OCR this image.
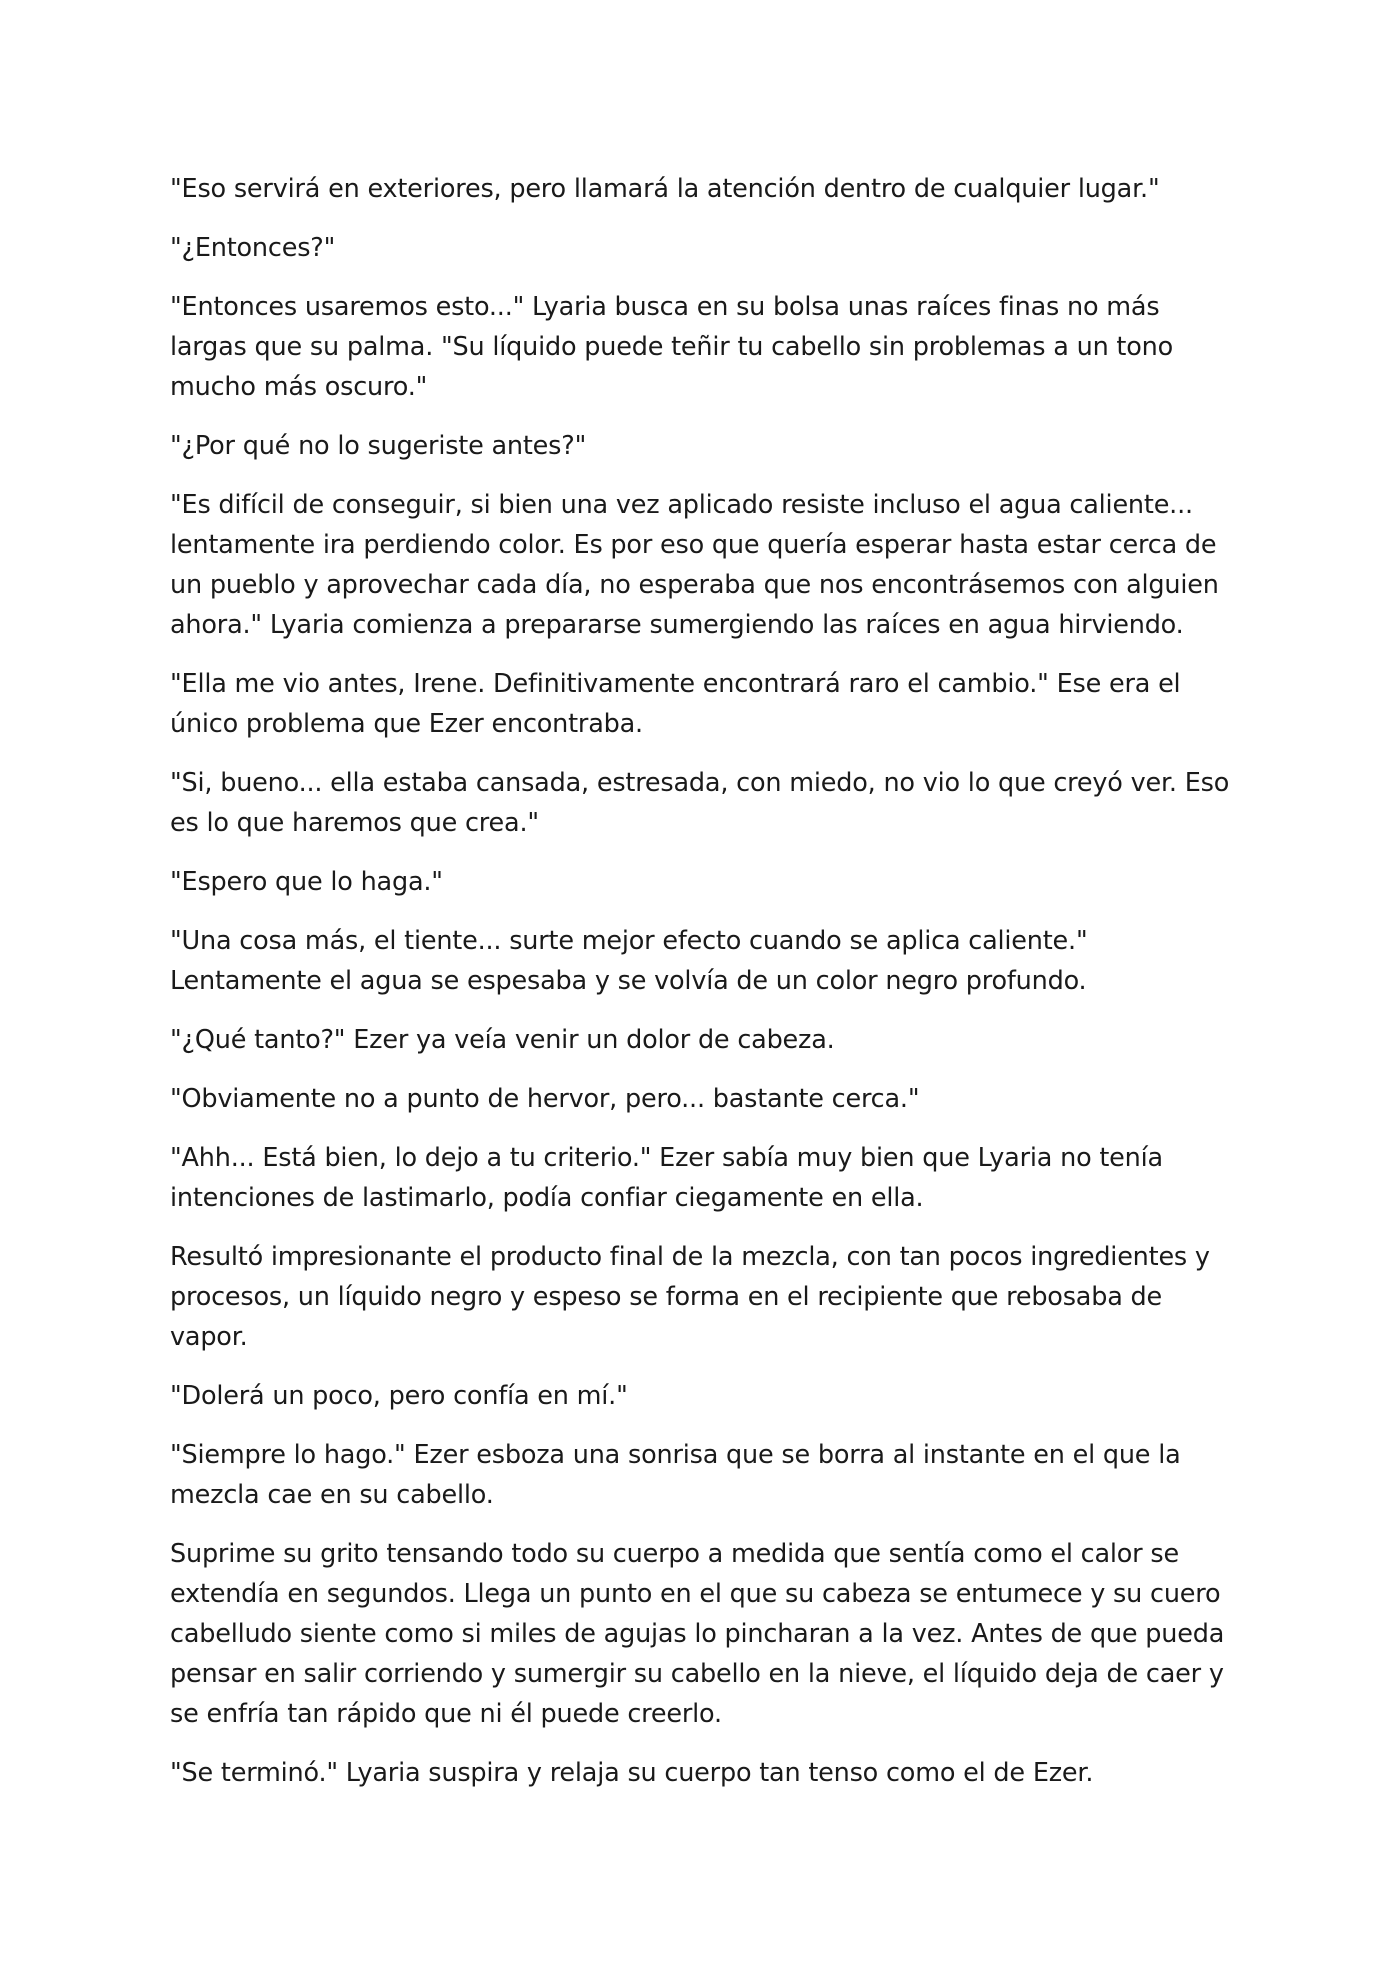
"Eso servirá en exteriores, pero llamará la atención dentro de cualquier lugar."

"¿Entonces?"

"Entonces usaremos esto..." Lyaria busca en su bolsa unas raíces finas no más largas que su palma. "Su líquido puede teñir tu cabello sin problemas a un tono mucho más oscuro."

"¿Por qué no lo sugeriste antes?"

"Es difícil de conseguir, si bien una vez aplicado resiste incluso el agua caliente... lentamente ira perdiendo color. Es por eso que quería esperar hasta estar cerca de un pueblo y aprovechar cada día, no esperaba que nos encontrásemos con alguien ahora." Lyaria comienza a prepararse sumergiendo las raíces en agua hirviendo.

"Ella me vio antes, Irene. Definitivamente encontrará raro el cambio." Ese era el único problema que Ezer encontraba.

"Si, bueno... ella estaba cansada, estresada, con miedo, no vio lo que creyó ver. Eso es lo que haremos que crea."

"Espero que lo haga."

"Una cosa más, el tiente... surte mejor efecto cuando se aplica caliente." Lentamente el agua se espesaba y se volvía de un color negro profundo.

"¿Qué tanto?" Ezer ya veía venir un dolor de cabeza.

"Obviamente no a punto de hervor, pero... bastante cerca."

"Ahh... Está bien, lo dejo a tu criterio." Ezer sabía muy bien que Lyaria no tenía intenciones de lastimarlo, podía confiar ciegamente en ella.

Resultó impresionante el producto final de la mezcla, con tan pocos ingredientes y procesos, un líquido negro y espeso se forma en el recipiente que rebosaba de vapor.

"Dolerá un poco, pero confía en mí."

"Siempre lo hago." Ezer esboza una sonrisa que se borra al instante en el que la mezcla cae en su cabello.

Suprime su grito tensando todo su cuerpo a medida que sentía como el calor se extendía en segundos. Llega un punto en el que su cabeza se entumece y su cuero cabelludo siente como si miles de agujas lo pincharan a la vez. Antes de que pueda pensar en salir corriendo y sumergir su cabello en la nieve, el líquido deja de caer y se enfría tan rápido que ni él puede creerlo.

"Se terminó." Lyaria suspira y relaja su cuerpo tan tenso como el de Ezer.
